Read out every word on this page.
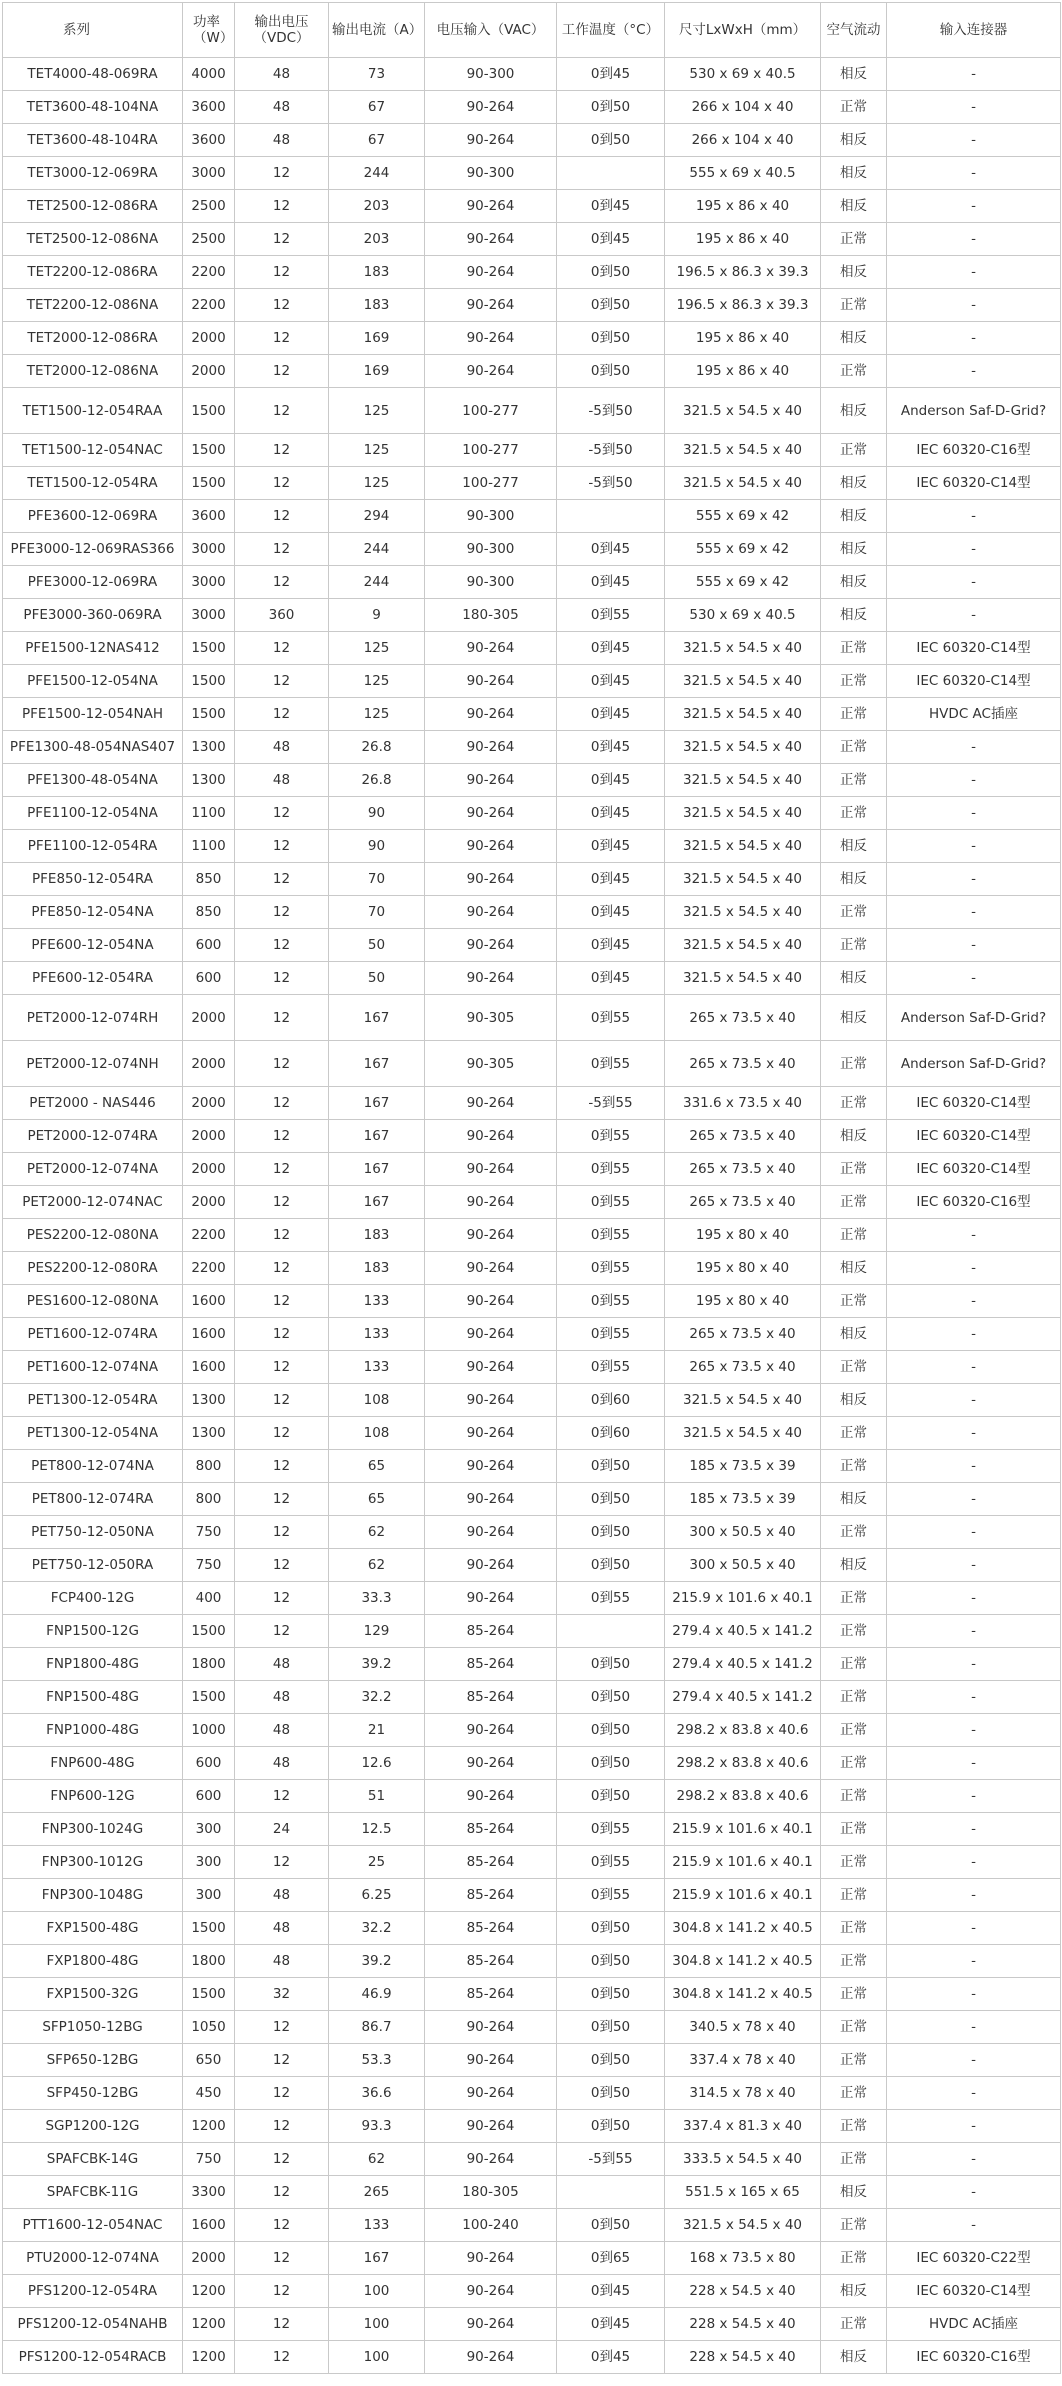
系列	功率（W）	输出电压（VDC）	输出电流（A）	电压输入（VAC）	工作温度（°C）	尺寸LxWxH（mm）	空气流动	输入连接器
TET4000-48-069RA	4000	48	73	90-300	0到45	530 x 69 x 40.5	相反	-
TET3600-48-104NA	3600	48	67	90-264	0到50	266 x 104 x 40	正常	-
TET3600-48-104RA	3600	48	67	90-264	0到50	266 x 104 x 40	相反	-
TET3000-12-069RA	3000	12	244	90-300		555 x 69 x 40.5	相反	-
TET2500-12-086RA	2500	12	203	90-264	0到45	195 x 86 x 40	相反	-
TET2500-12-086NA	2500	12	203	90-264	0到45	195 x 86 x 40	正常	-
TET2200-12-086RA	2200	12	183	90-264	0到50	196.5 x 86.3 x 39.3	相反	-
TET2200-12-086NA	2200	12	183	90-264	0到50	196.5 x 86.3 x 39.3	正常	-
TET2000-12-086RA	2000	12	169	90-264	0到50	195 x 86 x 40	相反	-
TET2000-12-086NA	2000	12	169	90-264	0到50	195 x 86 x 40	正常	-
TET1500-12-054RAA	1500	12	125	100-277	-5到50	321.5 x 54.5 x 40	相反	Anderson Saf-D-Grid?
TET1500-12-054NAC	1500	12	125	100-277	-5到50	321.5 x 54.5 x 40	正常	IEC 60320-C16型
TET1500-12-054RA	1500	12	125	100-277	-5到50	321.5 x 54.5 x 40	相反	IEC 60320-C14型
PFE3600-12-069RA	3600	12	294	90-300		555 x 69 x 42	相反	-
PFE3000-12-069RAS366	3000	12	244	90-300	0到45	555 x 69 x 42	相反	-
PFE3000-12-069RA	3000	12	244	90-300	0到45	555 x 69 x 42	相反	-
PFE3000-360-069RA	3000	360	9	180-305	0到55	530 x 69 x 40.5	相反	-
PFE1500-12NAS412	1500	12	125	90-264	0到45	321.5 x 54.5 x 40	正常	IEC 60320-C14型
PFE1500-12-054NA	1500	12	125	90-264	0到45	321.5 x 54.5 x 40	正常	IEC 60320-C14型
PFE1500-12-054NAH	1500	12	125	90-264	0到45	321.5 x 54.5 x 40	正常	HVDC AC插座
PFE1300-48-054NAS407	1300	48	26.8	90-264	0到45	321.5 x 54.5 x 40	正常	-
PFE1300-48-054NA	1300	48	26.8	90-264	0到45	321.5 x 54.5 x 40	正常	-
PFE1100-12-054NA	1100	12	90	90-264	0到45	321.5 x 54.5 x 40	正常	-
PFE1100-12-054RA	1100	12	90	90-264	0到45	321.5 x 54.5 x 40	相反	-
PFE850-12-054RA	850	12	70	90-264	0到45	321.5 x 54.5 x 40	相反	-
PFE850-12-054NA	850	12	70	90-264	0到45	321.5 x 54.5 x 40	正常	-
PFE600-12-054NA	600	12	50	90-264	0到45	321.5 x 54.5 x 40	正常	-
PFE600-12-054RA	600	12	50	90-264	0到45	321.5 x 54.5 x 40	相反	-
PET2000-12-074RH	2000	12	167	90-305	0到55	265 x 73.5 x 40	相反	Anderson Saf-D-Grid?
PET2000-12-074NH	2000	12	167	90-305	0到55	265 x 73.5 x 40	正常	Anderson Saf-D-Grid?
PET2000 - NAS446	2000	12	167	90-264	-5到55	331.6 x 73.5 x 40	正常	IEC 60320-C14型
PET2000-12-074RA	2000	12	167	90-264	0到55	265 x 73.5 x 40	相反	IEC 60320-C14型
PET2000-12-074NA	2000	12	167	90-264	0到55	265 x 73.5 x 40	正常	IEC 60320-C14型
PET2000-12-074NAC	2000	12	167	90-264	0到55	265 x 73.5 x 40	正常	IEC 60320-C16型
PES2200-12-080NA	2200	12	183	90-264	0到55	195 x 80 x 40	正常	-
PES2200-12-080RA	2200	12	183	90-264	0到55	195 x 80 x 40	相反	-
PES1600-12-080NA	1600	12	133	90-264	0到55	195 x 80 x 40	正常	-
PET1600-12-074RA	1600	12	133	90-264	0到55	265 x 73.5 x 40	相反	-
PET1600-12-074NA	1600	12	133	90-264	0到55	265 x 73.5 x 40	正常	-
PET1300-12-054RA	1300	12	108	90-264	0到60	321.5 x 54.5 x 40	相反	-
PET1300-12-054NA	1300	12	108	90-264	0到60	321.5 x 54.5 x 40	正常	-
PET800-12-074NA	800	12	65	90-264	0到50	185 x 73.5 x 39	正常	-
PET800-12-074RA	800	12	65	90-264	0到50	185 x 73.5 x 39	相反	-
PET750-12-050NA	750	12	62	90-264	0到50	300 x 50.5 x 40	正常	-
PET750-12-050RA	750	12	62	90-264	0到50	300 x 50.5 x 40	相反	-
FCP400-12G	400	12	33.3	90-264	0到55	215.9 x 101.6 x 40.1	正常	-
FNP1500-12G	1500	12	129	85-264		279.4 x 40.5 x 141.2	正常	-
FNP1800-48G	1800	48	39.2	85-264	0到50	279.4 x 40.5 x 141.2	正常	-
FNP1500-48G	1500	48	32.2	85-264	0到50	279.4 x 40.5 x 141.2	正常	-
FNP1000-48G	1000	48	21	90-264	0到50	298.2 x 83.8 x 40.6	正常	-
FNP600-48G	600	48	12.6	90-264	0到50	298.2 x 83.8 x 40.6	正常	-
FNP600-12G	600	12	51	90-264	0到50	298.2 x 83.8 x 40.6	正常	-
FNP300-1024G	300	24	12.5	85-264	0到55	215.9 x 101.6 x 40.1	正常	-
FNP300-1012G	300	12	25	85-264	0到55	215.9 x 101.6 x 40.1	正常	-
FNP300-1048G	300	48	6.25	85-264	0到55	215.9 x 101.6 x 40.1	正常	-
FXP1500-48G	1500	48	32.2	85-264	0到50	304.8 x 141.2 x 40.5	正常	-
FXP1800-48G	1800	48	39.2	85-264	0到50	304.8 x 141.2 x 40.5	正常	-
FXP1500-32G	1500	32	46.9	85-264	0到50	304.8 x 141.2 x 40.5	正常	-
SFP1050-12BG	1050	12	86.7	90-264	0到50	340.5 x 78 x 40	正常	-
SFP650-12BG	650	12	53.3	90-264	0到50	337.4 x 78 x 40	正常	-
SFP450-12BG	450	12	36.6	90-264	0到50	314.5 x 78 x 40	正常	-
SGP1200-12G	1200	12	93.3	90-264	0到50	337.4 x 81.3 x 40	正常	-
SPAFCBK-14G	750	12	62	90-264	-5到55	333.5 x 54.5 x 40	正常	-
SPAFCBK-11G	3300	12	265	180-305		551.5 x 165 x 65	相反	-
PTT1600-12-054NAC	1600	12	133	100-240	0到50	321.5 x 54.5 x 40	正常	-
PTU2000-12-074NA	2000	12	167	90-264	0到65	168 x 73.5 x 80	正常	IEC 60320-C22型
PFS1200-12-054RA	1200	12	100	90-264	0到45	228 x 54.5 x 40	相反	IEC 60320-C14型
PFS1200-12-054NAHB	1200	12	100	90-264	0到45	228 x 54.5 x 40	正常	HVDC AC插座
PFS1200-12-054RACB	1200	12	100	90-264	0到45	228 x 54.5 x 40	相反	IEC 60320-C16型
